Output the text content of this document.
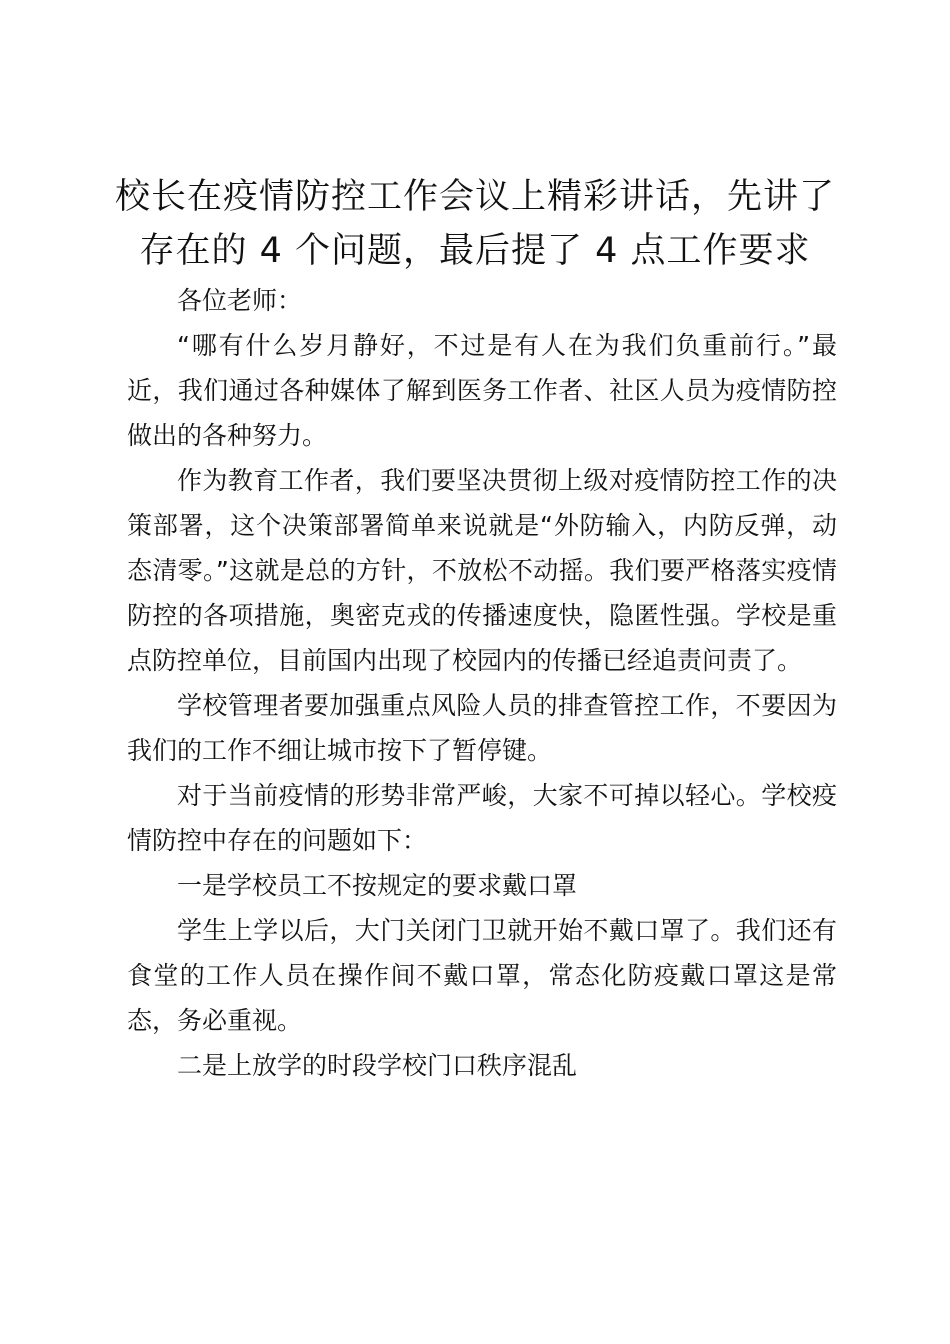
校长在疫情防控工作会议上精彩讲话，先讲了
存在的 4 个问题，最后提了 4 点工作要求

各位老师：

“哪有什么岁月静好，不过是有人在为我们负重前行。”最近，我们通过各种媒体了解到医务工作者、社区人员为疫情防控做出的各种努力。

作为教育工作者，我们要坚决贯彻上级对疫情防控工作的决策部署，这个决策部署简单来说就是“外防输入，内防反弹，动态清零。”这就是总的方针，不放松不动摇。我们要严格落实疫情防控的各项措施，奥密克戎的传播速度快，隐匿性强。学校是重点防控单位，目前国内出现了校园内的传播已经追责问责了。

学校管理者要加强重点风险人员的排查管控工作，不要因为我们的工作不细让城市按下了暂停键。

对于当前疫情的形势非常严峻，大家不可掉以轻心。学校疫情防控中存在的问题如下：

一是学校员工不按规定的要求戴口罩

学生上学以后，大门关闭门卫就开始不戴口罩了。我们还有食堂的工作人员在操作间不戴口罩，常态化防疫戴口罩这是常态，务必重视。

二是上放学的时段学校门口秩序混乱
